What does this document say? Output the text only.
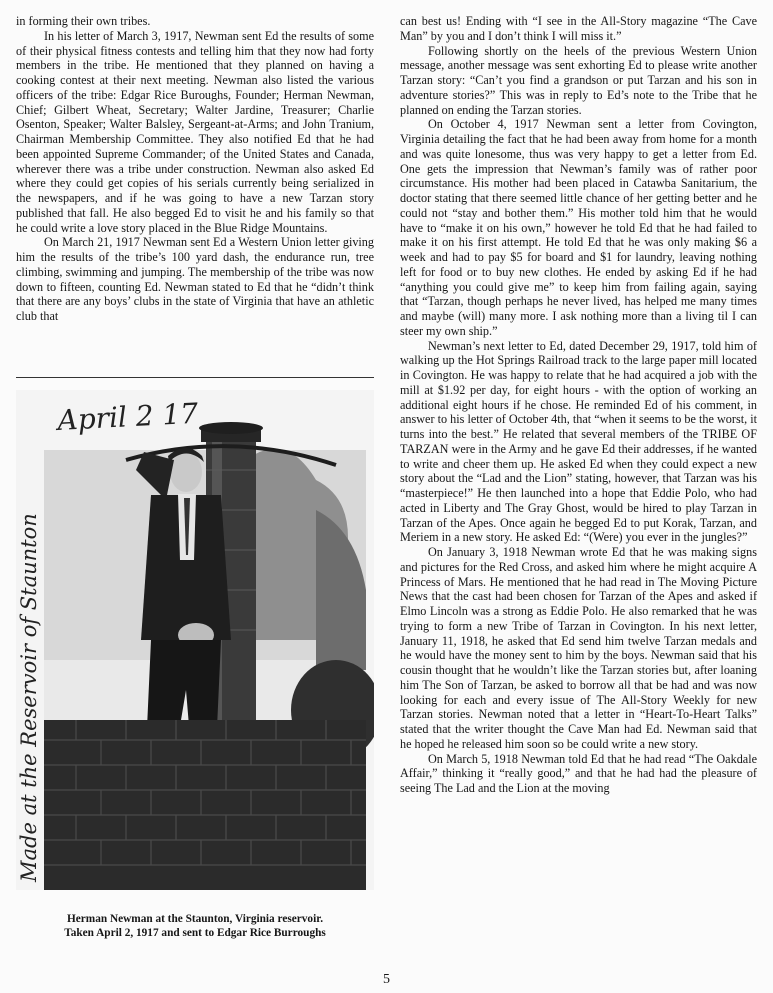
in forming their own tribes.

In his letter of March 3, 1917, Newman sent Ed the results of some of their physical fitness contests and telling him that they now had forty members in the tribe. He mentioned that they planned on having a cooking contest at their next meeting. Newman also listed the various officers of the tribe: Edgar Rice Buroughs, Founder; Herman Newman, Chief; Gilbert Wheat, Secretary; Walter Jardine, Treasurer; Charlie Osenton, Speaker; Walter Balsley, Sergeant-at-Arms; and John Tranium, Chairman Membership Committee. They also notified Ed that he had been appointed Supreme Commander; of the United States and Canada, wherever there was a tribe under construction. Newman also asked Ed where they could get copies of his serials currently being serialized in the newspapers, and if he was going to have a new Tarzan story published that fall. He also begged Ed to visit he and his family so that he could write a love story placed in the Blue Ridge Mountains.

On March 21, 1917 Newman sent Ed a Western Union letter giving him the results of the tribe’s 100 yard dash, the endurance run, tree climbing, swimming and jumping. The membership of the tribe was now down to fifteen, counting Ed. Newman stated to Ed that he “didn’t think that there are any boys’ clubs in the state of Virginia that have an athletic club that

April 2 17
Made at the Reservoir of Staunton
Herman Newman at the Staunton, Virginia reservoir.
Taken April 2, 1917 and sent to Edgar Rice Burroughs

can best us! Ending with “I see in the All-Story magazine “The Cave Man” by you and I don’t think I will miss it.”

Following shortly on the heels of the previous Western Union message, another message was sent exhorting Ed to please write another Tarzan story: “Can’t you find a grandson or put Tarzan and his son in adventure stories?” This was in reply to Ed’s note to the Tribe that he planned on ending the Tarzan stories.

On October 4, 1917 Newman sent a letter from Covington, Virginia detailing the fact that he had been away from home for a month and was quite lonesome, thus was very happy to get a letter from Ed. One gets the impression that Newman’s family was of rather poor circumstance. His mother had been placed in Catawba Sanitarium, the doctor stating that there seemed little chance of her getting better and he could not “stay and bother them.” His mother told him that he would have to “make it on his own,” however he told Ed that he had failed to make it on his first attempt. He told Ed that he was only making $6 a week and had to pay $5 for board and $1 for laundry, leaving nothing left for food or to buy new clothes. He ended by asking Ed if he had “anything you could give me” to keep him from failing again, saying that “Tarzan, though perhaps he never lived, has helped me many times and maybe (will) many more. I ask nothing more than a living til I can steer my own ship.”

Newman’s next letter to Ed, dated December 29, 1917, told him of walking up the Hot Springs Railroad track to the large paper mill located in Covington. He was happy to relate that he had acquired a job with the mill at $1.92 per day, for eight hours - with the option of working an additional eight hours if he chose. He reminded Ed of his comment, in answer to his letter of October 4th, that “when it seems to be the worst, it turns into the best.” He related that several members of the TRIBE OF TARZAN were in the Army and he gave Ed their addresses, if he wanted to write and cheer them up. He asked Ed when they could expect a new story about the “Lad and the Lion” stating, however, that Tarzan was his “masterpiece!” He then launched into a hope that Eddie Polo, who had acted in Liberty and The Gray Ghost, would be hired to play Tarzan in Tarzan of the Apes. Once again he begged Ed to put Korak, Tarzan, and Meriem in a new story. He asked Ed: “(Were) you ever in the jungles?”

On January 3, 1918 Newman wrote Ed that he was making signs and pictures for the Red Cross, and asked him where he might acquire A Princess of Mars. He mentioned that he had read in The Moving Picture News that the cast had been chosen for Tarzan of the Apes and asked if Elmo Lincoln was a strong as Eddie Polo. He also remarked that he was trying to form a new Tribe of Tarzan in Covington. In his next letter, January 11, 1918, he asked that Ed send him twelve Tarzan medals and he would have the money sent to him by the boys. Newman said that his cousin thought that he wouldn’t like the Tarzan stories but, after loaning him The Son of Tarzan, be asked to borrow all that be had and was now looking for each and every issue of The All-Story Weekly for new Tarzan stories. Newman noted that a letter in “Heart-To-Heart Talks” stated that the writer thought the Cave Man had Ed. Newman said that he hoped he released him soon so be could write a new story.

On March 5, 1918 Newman told Ed that he had read “The Oakdale Affair,” thinking it “really good,” and that he had had the pleasure of seeing The Lad and the Lion at the moving

5
